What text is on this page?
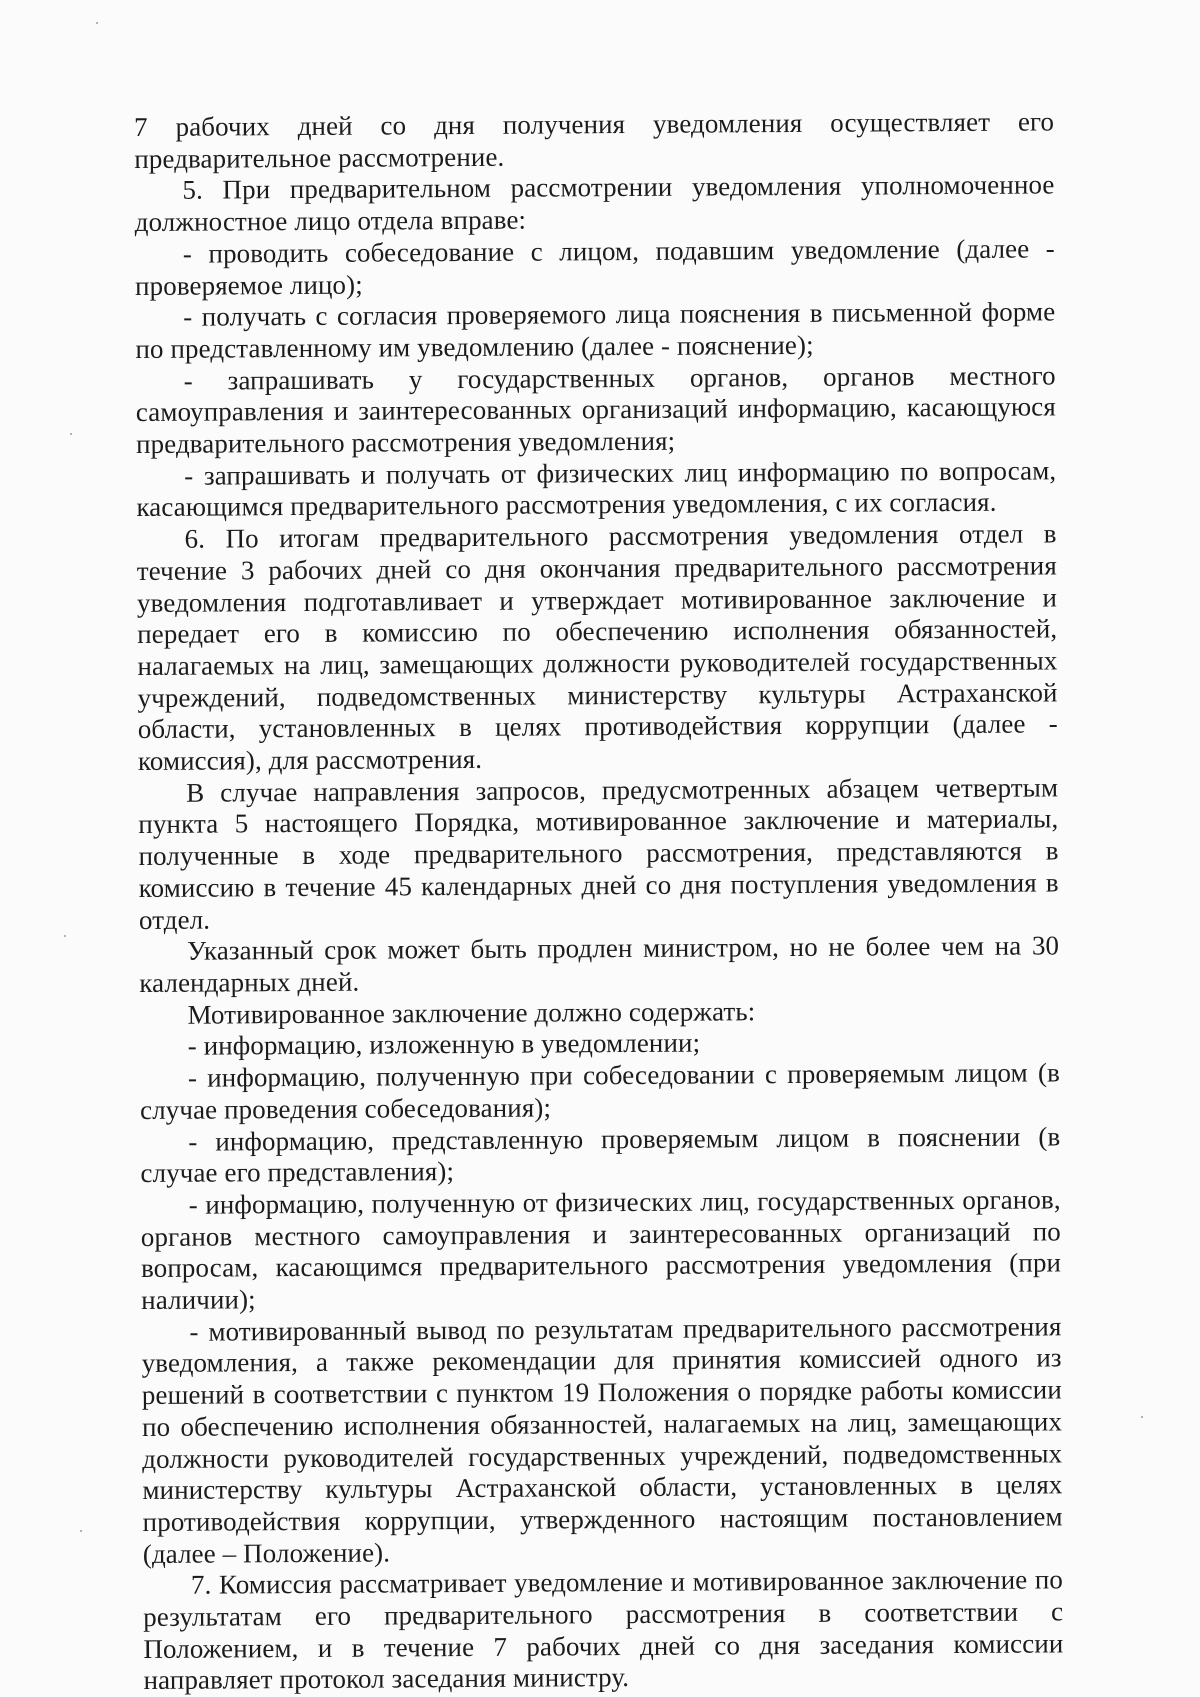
7 рабочих дней со дня получения уведомления осуществляет его предварительное рассмотрение.

5. При предварительном рассмотрении уведомления уполномоченное должностное лицо отдела вправе:

- проводить собеседование с лицом, подавшим уведомление (далее - проверяемое лицо);

- получать с согласия проверяемого лица пояснения в письменной форме по представленному им уведомлению (далее - пояснение);

- запрашивать у государственных органов, органов местного самоуправления и заинтересованных организаций информацию, касающуюся предварительного рассмотрения уведомления;

- запрашивать и получать от физических лиц информацию по вопросам, касающимся предварительного рассмотрения уведомления, с их согласия.

6. По итогам предварительного рассмотрения уведомления отдел в течение 3 рабочих дней со дня окончания предварительного рассмотрения уведомления подготавливает и утверждает мотивированное заключение и передает его в комиссию по обеспечению исполнения обязанностей, налагаемых на лиц, замещающих должности руководителей государственных учреждений, подведомственных министерству культуры Астраханской области, установленных в целях противодействия коррупции (далее - комиссия), для рассмотрения.

В случае направления запросов, предусмотренных абзацем четвертым пункта 5 настоящего Порядка, мотивированное заключение и материалы, полученные в ходе предварительного рассмотрения, представляются в комиссию в течение 45 календарных дней со дня поступления уведомления в отдел.

Указанный срок может быть продлен министром, но не более чем на 30 календарных дней.

Мотивированное заключение должно содержать:

- информацию, изложенную в уведомлении;

- информацию, полученную при собеседовании с проверяемым лицом (в случае проведения собеседования);

- информацию, представленную проверяемым лицом в пояснении (в случае его представления);

- информацию, полученную от физических лиц, государственных органов, органов местного самоуправления и заинтересованных организаций по вопросам, касающимся предварительного рассмотрения уведомления (при наличии);

- мотивированный вывод по результатам предварительного рассмотрения уведомления, а также рекомендации для принятия комиссией одного из решений в соответствии с пунктом 19 Положения о порядке работы комиссии по обеспечению исполнения обязанностей, налагаемых на лиц, замещающих должности руководителей государственных учреждений, подведомственных министерству культуры Астраханской области, установленных в целях противодействия коррупции, утвержденного настоящим постановлением (далее – Положение).

7. Комиссия рассматривает уведомление и мотивированное заключение по результатам его предварительного рассмотрения в соответствии с Положением, и в течение 7 рабочих дней со дня заседания комиссии направляет протокол заседания министру.
